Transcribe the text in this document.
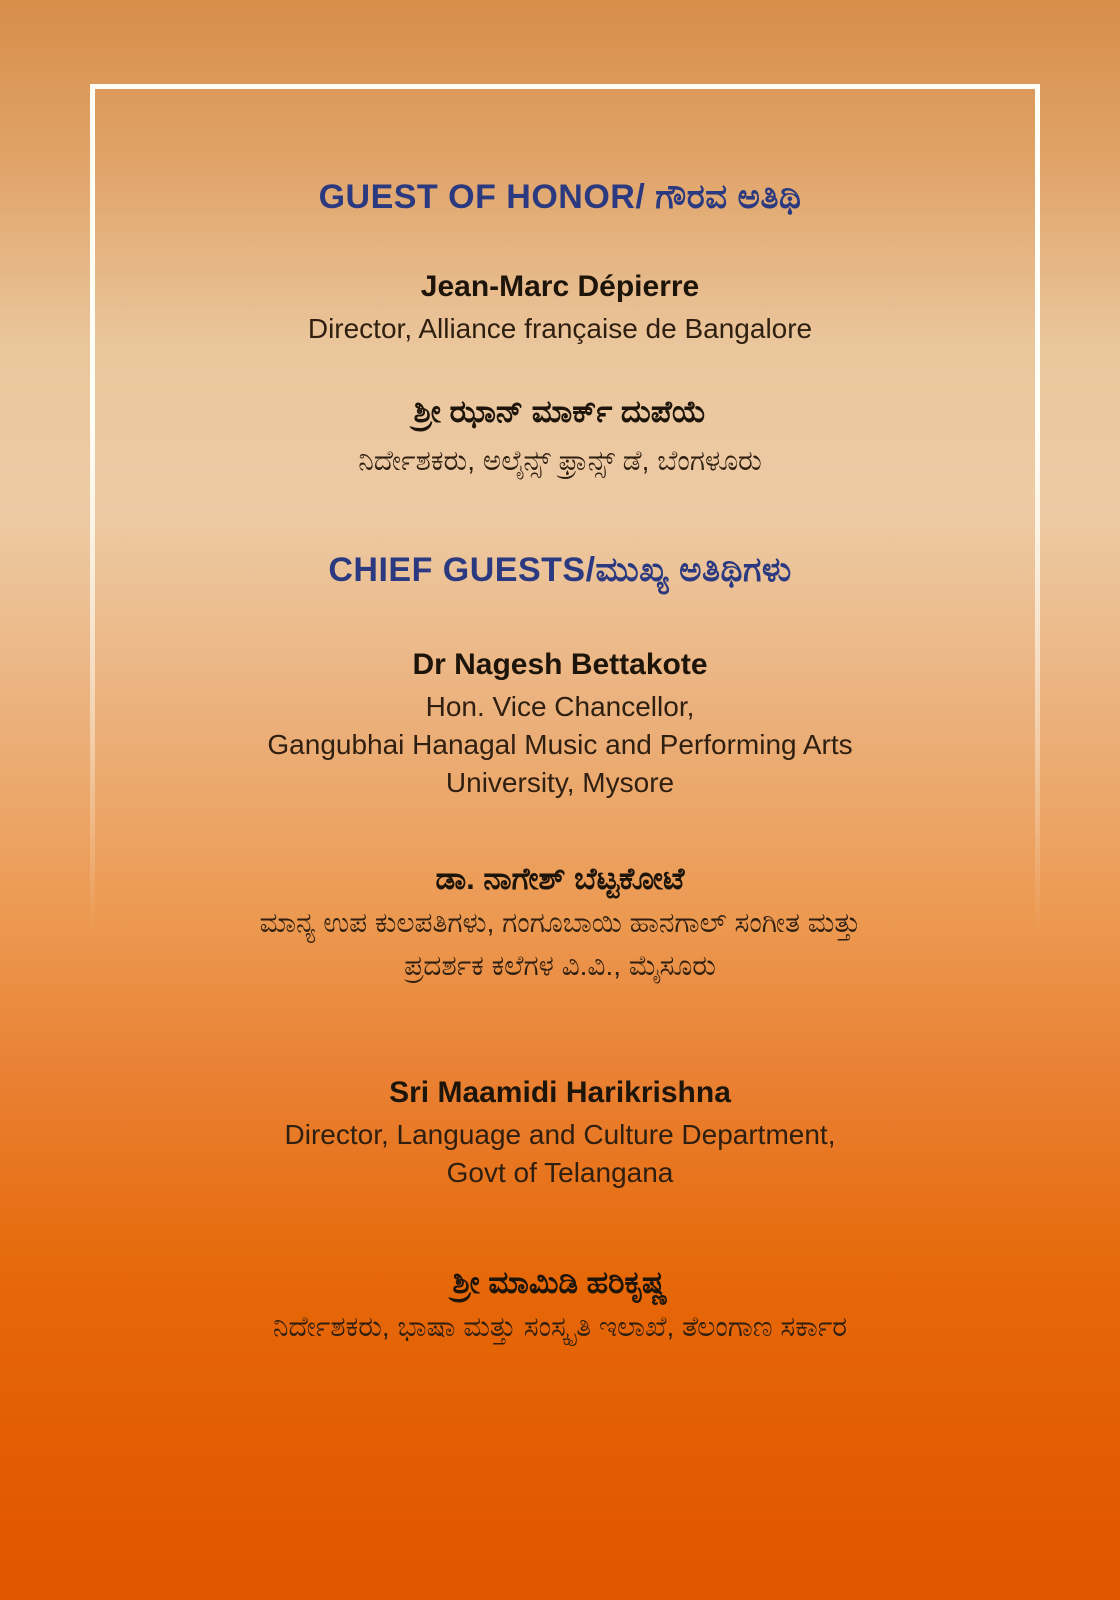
GUEST OF HONOR/ ಗೌರವ ಅತಿಥಿ
Jean-Marc Dépierre
Director, Alliance française de Bangalore
ಶ್ರೀ ಝಾನ್ ಮಾರ್ಕ್ ದುಪೆಯೆ
ನಿರ್ದೇಶಕರು, ಅಲೈನ್ಸ್ ಫ್ರಾನ್ಸ್ ಡೆ, ಬೆಂಗಳೂರು
CHIEF GUESTS/ಮುಖ್ಯ ಅತಿಥಿಗಳು
Dr Nagesh Bettakote
Hon. Vice Chancellor,
Gangubhai Hanagal Music and Performing Arts
University, Mysore
ಡಾ. ನಾಗೇಶ್ ಬೆಟ್ಟಕೋಟೆ
ಮಾನ್ಯ ಉಪ ಕುಲಪತಿಗಳು, ಗಂಗೂಬಾಯಿ ಹಾನಗಾಲ್ ಸಂಗೀತ ಮತ್ತು
ಪ್ರದರ್ಶಕ ಕಲೆಗಳ ವಿ.ವಿ., ಮೈಸೂರು
Sri Maamidi Harikrishna
Director, Language and Culture Department,
Govt of Telangana
ಶ್ರೀ ಮಾಮಿಡಿ ಹರಿಕೃಷ್ಣ
ನಿರ್ದೇಶಕರು, ಭಾಷಾ ಮತ್ತು ಸಂಸ್ಕೃತಿ ಇಲಾಖೆ, ತೆಲಂಗಾಣ ಸರ್ಕಾರ
